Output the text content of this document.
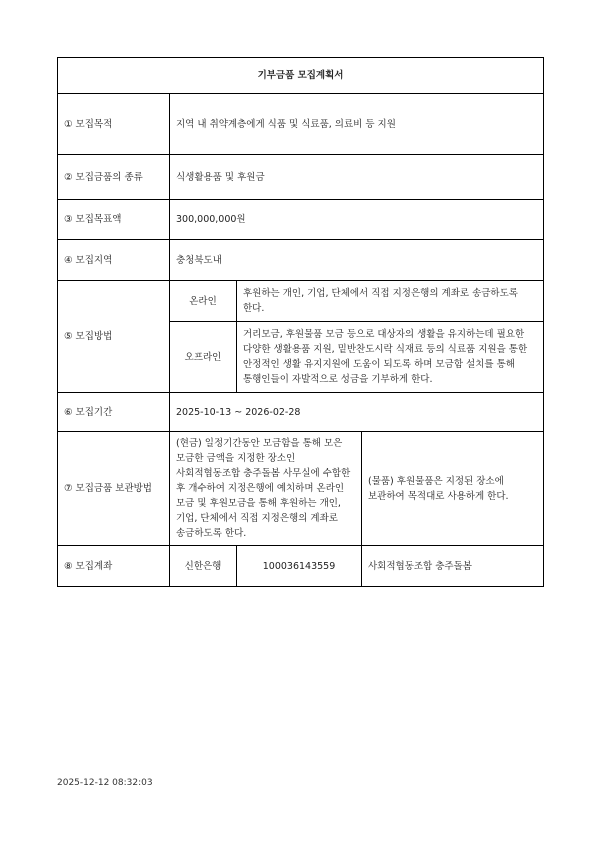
기부금품 모집계획서			
① 모집목적	지역 내 취약계층에게 식품 및 식료품, 의료비 등 지원		
② 모집금품의 종류	식생활용품 및 후원금		
③ 모집목표액	300,000,000원		
④ 모집지역	충청북도내		
⑤ 모집방법	온라인	후원하는 개인, 기업, 단체에서 직접 지정은행의 계좌로 송금하도록 한다.	
	오프라인	거리모금, 후원물품 모금 등으로 대상자의 생활을 유지하는데 필요한 다양한 생활용품 지원, 밑반찬도시락 식재료 등의 식료품 지원을 통한 안정적인 생활 유지지원에 도움이 되도록 하며 모금함 설치를 통해 통행인들이 자발적으로 성금을 기부하게 한다.	
⑥ 모집기간	2025-10-13 ~ 2026-02-28		
⑦ 모집금품 보관방법	(현금) 일정기간동안 모금함을 통해 모은 모금한 금액을 지정한 장소인 사회적협동조합 충주돌봄 사무실에 수합한 후 개수하여 지정은행에 예치하며 온라인 모금 및 후원모금을 통해 후원하는 개인, 기업, 단체에서 직접 지정은행의 계좌로 송금하도록 한다.		(물품) 후원물품은 지정된 장소에 보관하여 목적대로 사용하게 한다.
⑧ 모집계좌	신한은행	100036143559	사회적협동조합 충주돌봄
2025-12-12 08:32:03
